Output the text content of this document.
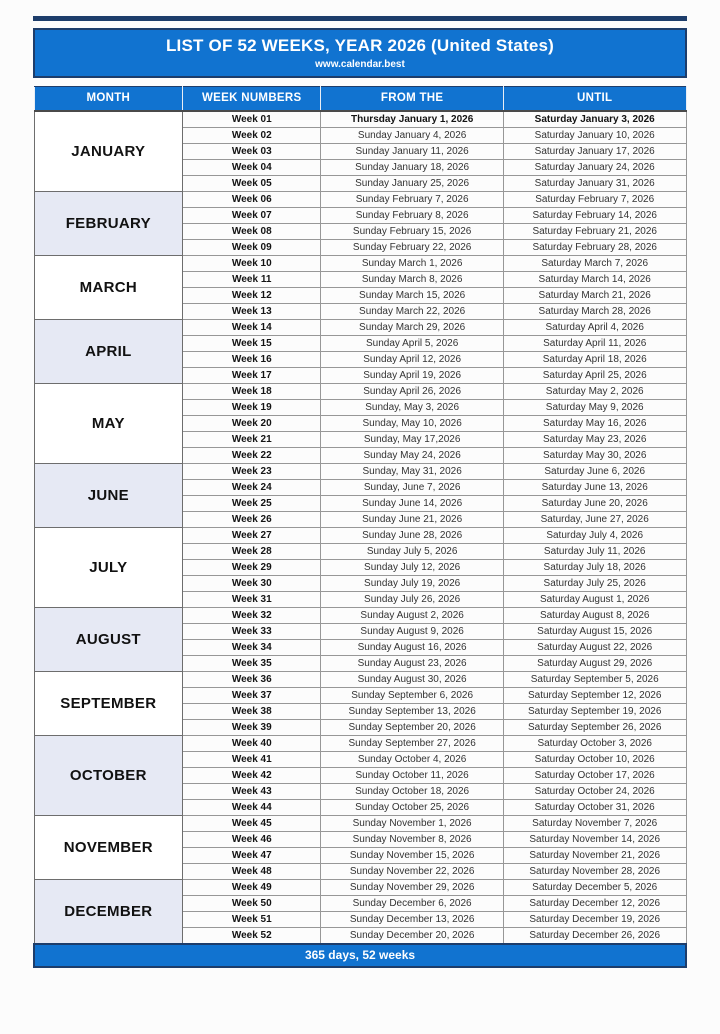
LIST OF 52 WEEKS, YEAR 2026 (United States)
www.calendar.best
MONTH	WEEK NUMBERS	FROM THE	UNTIL
JANUARY	Week 01	Thursday January 1, 2026	Saturday January 3, 2026
	Week 02	Sunday January 4, 2026	Saturday January 10, 2026
	Week 03	Sunday January 11, 2026	Saturday January 17, 2026
	Week 04	Sunday January 18, 2026	Saturday January 24, 2026
	Week 05	Sunday January 25, 2026	Saturday January 31, 2026
FEBRUARY	Week 06	Sunday February 7, 2026	Saturday February 7, 2026
	Week 07	Sunday February 8, 2026	Saturday February 14, 2026
	Week 08	Sunday February 15, 2026	Saturday February 21, 2026
	Week 09	Sunday February 22, 2026	Saturday February 28, 2026
MARCH	Week 10	Sunday March 1, 2026	Saturday March 7, 2026
	Week 11	Sunday March 8, 2026	Saturday March 14, 2026
	Week 12	Sunday March 15, 2026	Saturday March 21, 2026
	Week 13	Sunday March 22, 2026	Saturday March 28, 2026
APRIL	Week 14	Sunday March 29, 2026	Saturday April 4, 2026
	Week 15	Sunday April 5, 2026	Saturday April 11, 2026
	Week 16	Sunday April 12, 2026	Saturday April 18, 2026
	Week 17	Sunday April 19, 2026	Saturday April 25, 2026
MAY	Week 18	Sunday April 26, 2026	Saturday May 2, 2026
	Week 19	Sunday, May 3, 2026	Saturday May 9, 2026
	Week 20	Sunday, May 10, 2026	Saturday May 16, 2026
	Week 21	Sunday, May 17,2026	Saturday May 23, 2026
	Week 22	Sunday May 24, 2026	Saturday May 30, 2026
JUNE	Week 23	Sunday, May 31, 2026	Saturday June 6, 2026
	Week 24	Sunday, June 7, 2026	Saturday June 13, 2026
	Week 25	Sunday June 14, 2026	Saturday June 20, 2026
	Week 26	Sunday June 21, 2026	Saturday, June 27, 2026
JULY	Week 27	Sunday June 28, 2026	Saturday July 4, 2026
	Week 28	Sunday July 5, 2026	Saturday July 11, 2026
	Week 29	Sunday July 12, 2026	Saturday July 18, 2026
	Week 30	Sunday July 19, 2026	Saturday July 25, 2026
	Week 31	Sunday July 26, 2026	Saturday August 1, 2026
AUGUST	Week 32	Sunday August 2, 2026	Saturday August 8, 2026
	Week 33	Sunday August 9, 2026	Saturday August 15, 2026
	Week 34	Sunday August 16, 2026	Saturday August 22, 2026
	Week 35	Sunday August 23, 2026	Saturday August 29, 2026
SEPTEMBER	Week 36	Sunday August 30, 2026	Saturday September 5, 2026
	Week 37	Sunday September 6, 2026	Saturday September 12, 2026
	Week 38	Sunday September 13, 2026	Saturday September 19, 2026
	Week 39	Sunday September 20, 2026	Saturday September 26, 2026
OCTOBER	Week 40	Sunday September 27, 2026	Saturday October 3, 2026
	Week 41	Sunday October 4, 2026	Saturday October 10, 2026
	Week 42	Sunday October 11, 2026	Saturday October 17, 2026
	Week 43	Sunday October 18, 2026	Saturday October 24, 2026
	Week 44	Sunday October 25, 2026	Saturday October 31, 2026
NOVEMBER	Week 45	Sunday November 1, 2026	Saturday November 7, 2026
	Week 46	Sunday November 8, 2026	Saturday November 14, 2026
	Week 47	Sunday November 15, 2026	Saturday November 21, 2026
	Week 48	Sunday November 22, 2026	Saturday November 28, 2026
DECEMBER	Week 49	Sunday November 29, 2026	Saturday December 5, 2026
	Week 50	Sunday December 6, 2026	Saturday December 12, 2026
	Week 51	Sunday December 13, 2026	Saturday December 19, 2026
	Week 52	Sunday December 20, 2026	Saturday December 26, 2026
365 days, 52 weeks			
